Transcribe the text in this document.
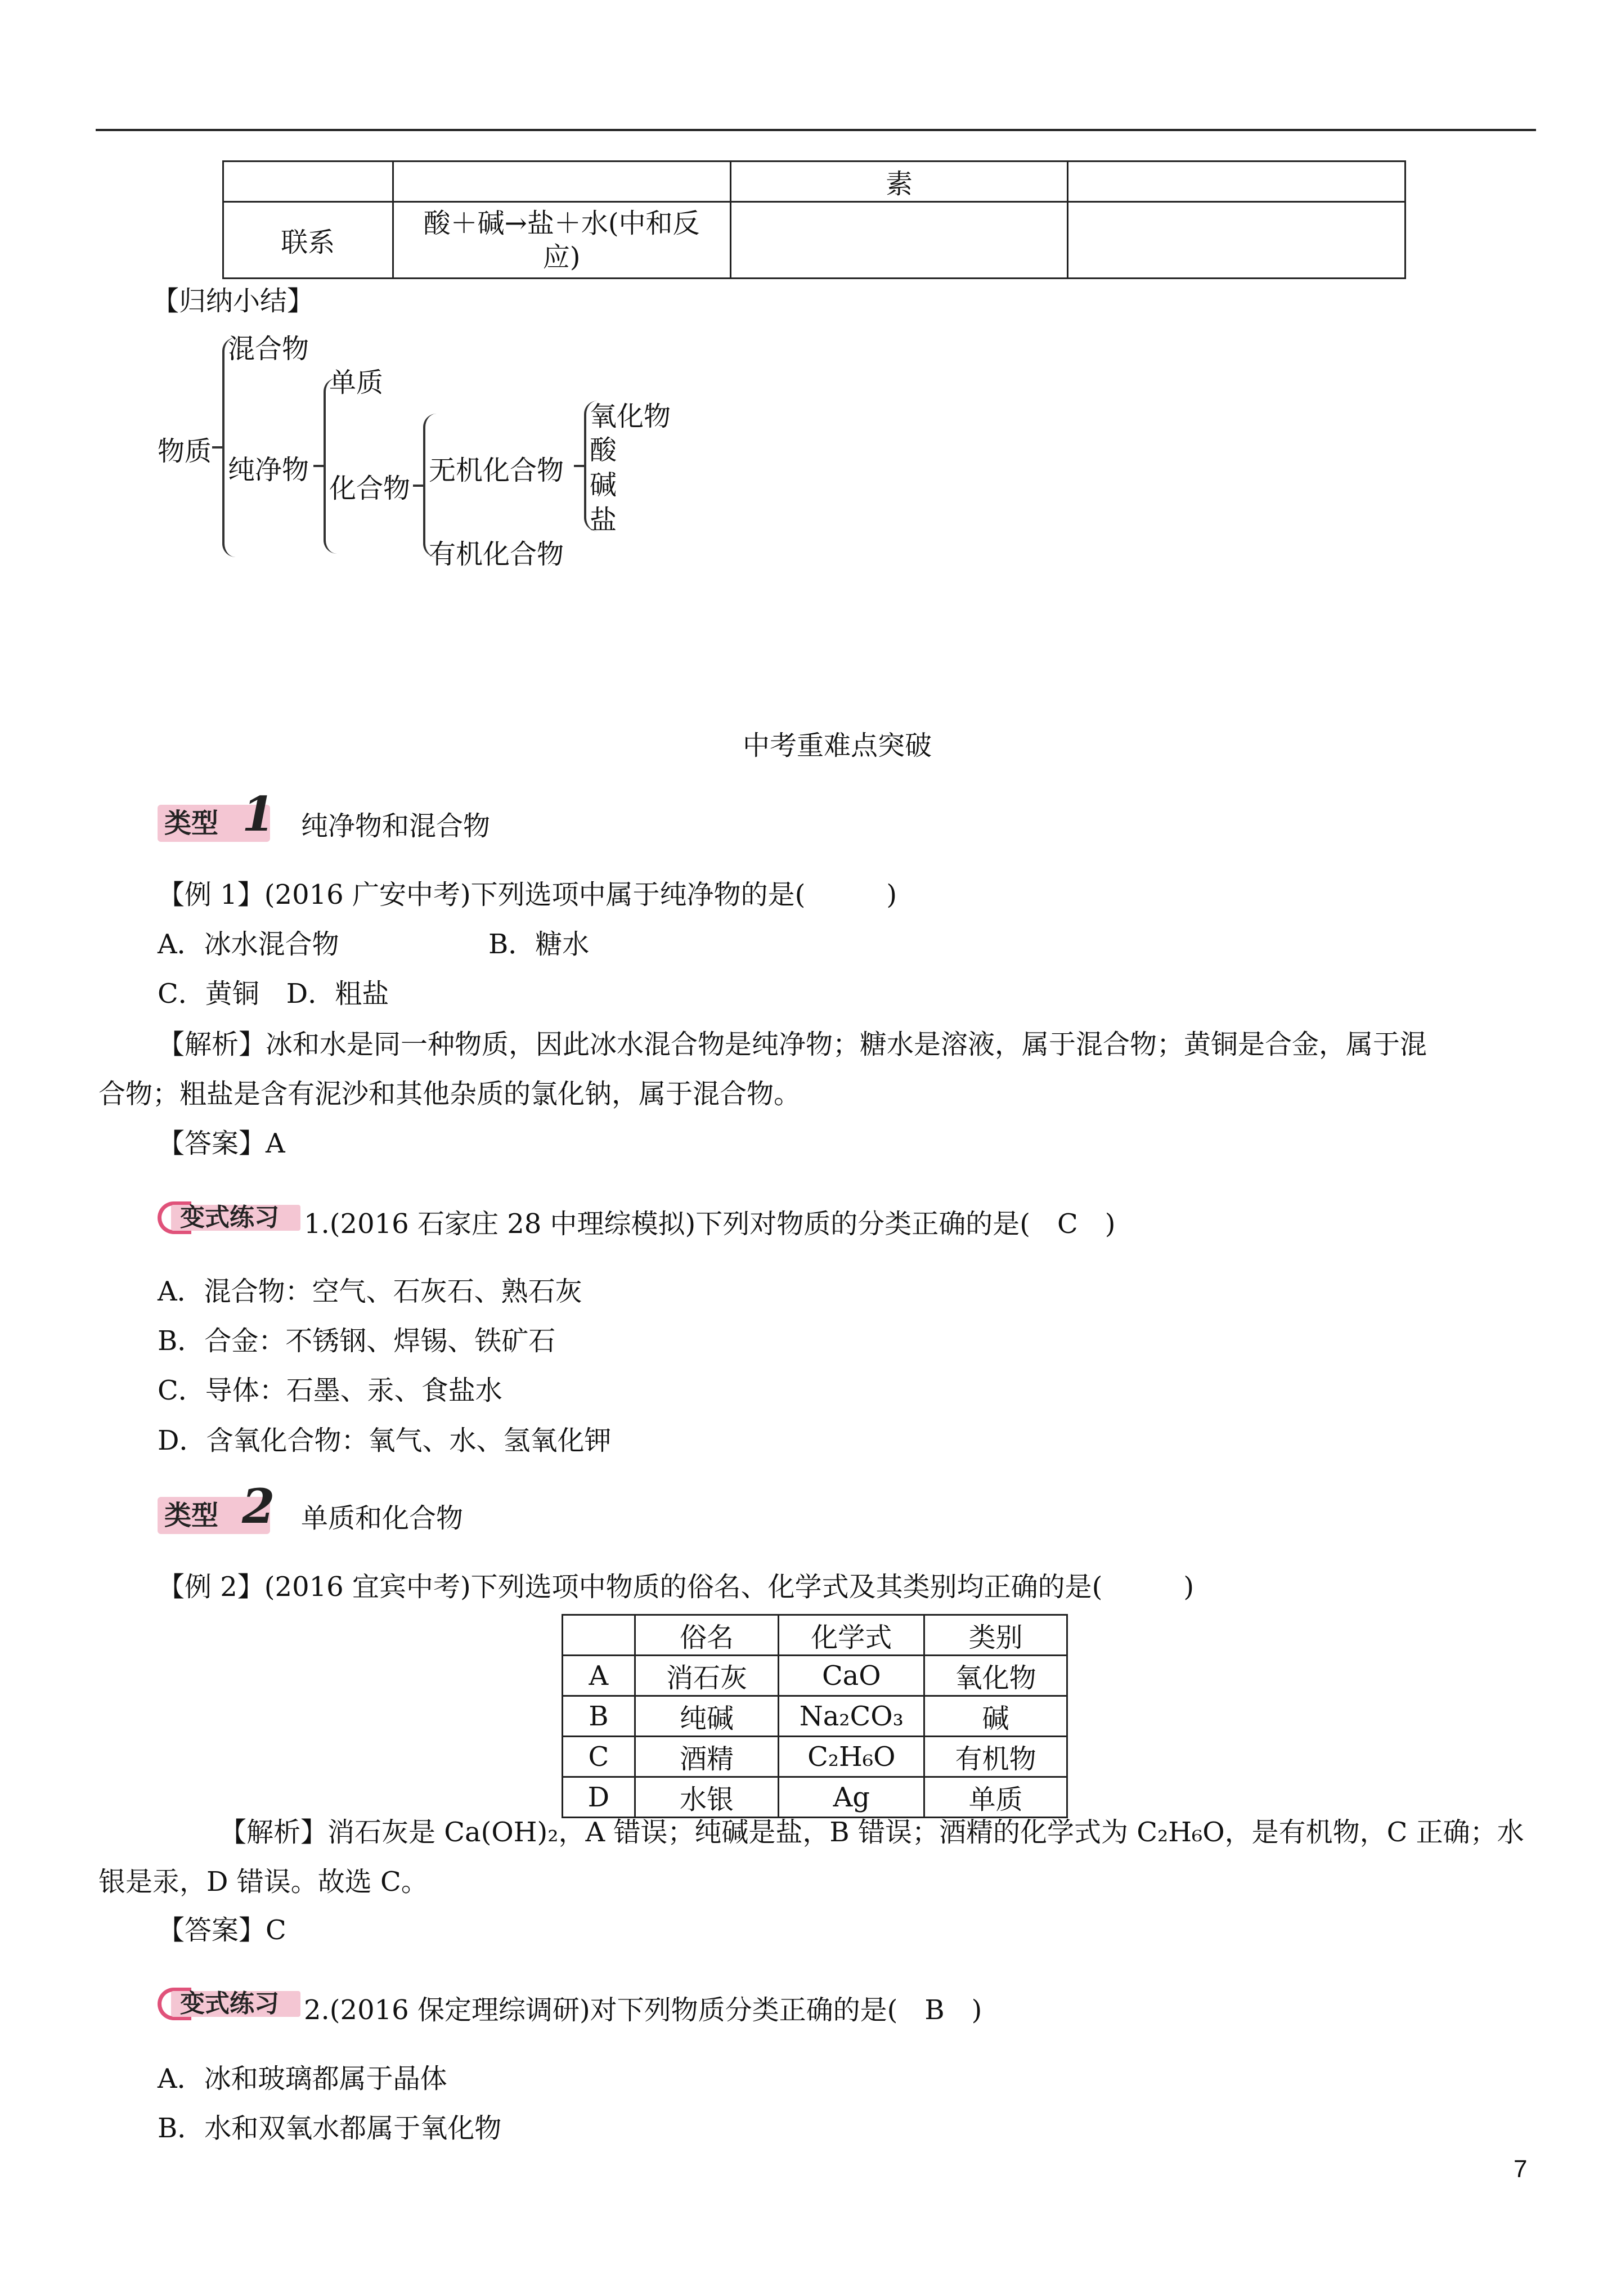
		素	
联系	酸＋碱→盐＋水(中和反应)		
【归纳小结】
物质
混合物
纯净物
单质
化合物
无机化合物
有机化合物
氧化物
酸
碱
盐
中考重难点突破
类型 1 纯净物和混合物
【例 1】(2016 广安中考)下列选项中属于纯净物的是(　　　)
A．冰水混合物	B．糖水
C．黄铜　D．粗盐
【解析】冰和水是同一种物质，因此冰水混合物是纯净物；糖水是溶液，属于混合物；黄铜是合金，属于混
合物；粗盐是含有泥沙和其他杂质的氯化钠，属于混合物。
【答案】A
变式练习 1.(2016 石家庄 28 中理综模拟)下列对物质的分类正确的是(　C　)
A．混合物：空气、石灰石、熟石灰
B．合金：不锈钢、焊锡、铁矿石
C．导体：石墨、汞、食盐水
D．含氧化合物：氧气、水、氢氧化钾
类型 2 单质和化合物
【例 2】(2016 宜宾中考)下列选项中物质的俗名、化学式及其类别均正确的是(　　　)
	俗名	化学式	类别
A	消石灰	CaO	氧化物
B	纯碱	Na₂CO₃	碱
C	酒精	C₂H₆O	有机物
D	水银	Ag	单质
【解析】消石灰是 Ca(OH)₂，A 错误；纯碱是盐，B 错误；酒精的化学式为 C₂H₆O，是有机物，C 正确；水
银是汞，D 错误。故选 C。
【答案】C
变式练习 2.(2016 保定理综调研)对下列物质分类正确的是(　B　)
A．冰和玻璃都属于晶体
B．水和双氧水都属于氧化物
7
